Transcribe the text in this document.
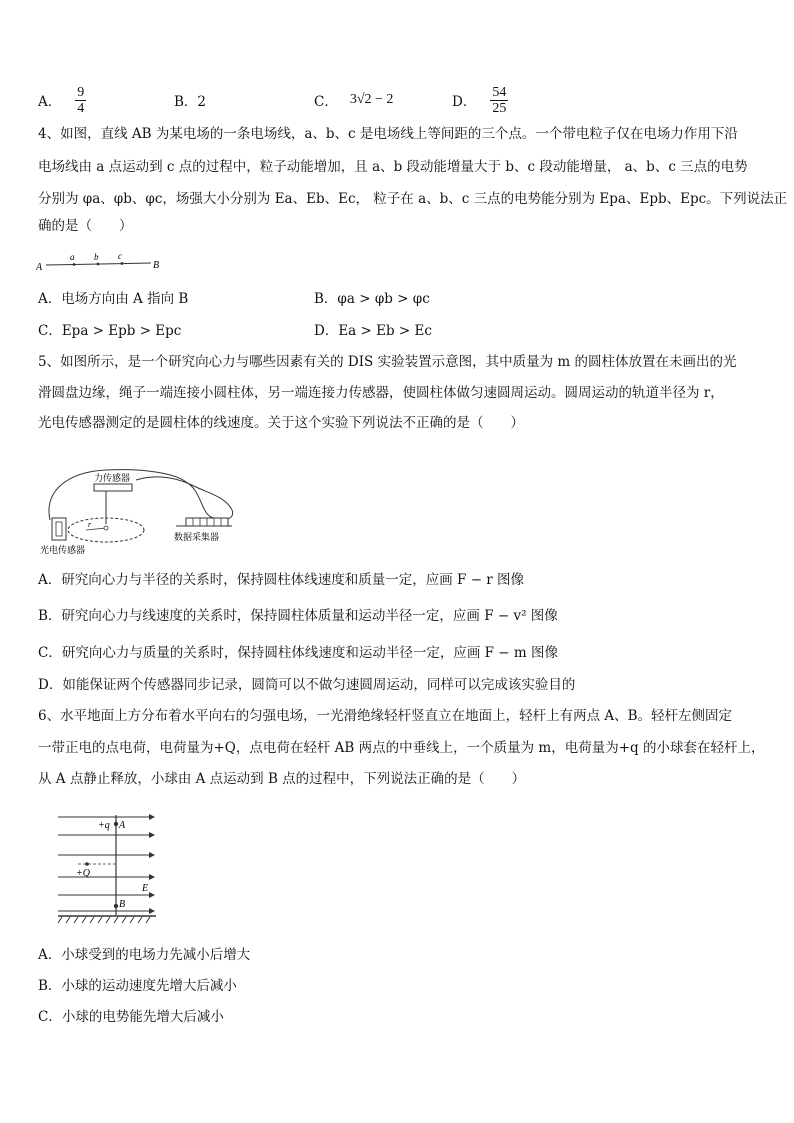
A． $\frac{9}{4}$	B．2	C． 3√2 − 2	D． $\frac{54}{25}$
4、如图，直线 AB 为某电场的一条电场线，a、b、c 是电场线上等间距的三个点。一个带电粒子仅在电场力作用下沿
电场线由 a 点运动到 c 点的过程中，粒子动能增加，且 a、b 段动能增量大于 b、c 段动能增量， a、b、c 三点的电势
分别为 φa、φb、φc，场强大小分别为 Ea、Eb、Ec， 粒子在 a、b、c 三点的电势能分别为 Epa、Epb、Epc。下列说法正
确的是（　　）
A
a b c
B
A．电场方向由 A 指向 B	B．φa > φb > φc
C．Epa > Epb > Epc	D．Ea > Eb > Ec
5、如图所示，是一个研究向心力与哪些因素有关的 DIS 实验装置示意图，其中质量为 m 的圆柱体放置在未画出的光
滑圆盘边缘，绳子一端连接小圆柱体，另一端连接力传感器，使圆柱体做匀速圆周运动。圆周运动的轨道半径为 r，
光电传感器测定的是圆柱体的线速度。关于这个实验下列说法不正确的是（　　）
力传感器
r
光电传感器
数据采集器
A．研究向心力与半径的关系时，保持圆柱体线速度和质量一定，应画 F − r 图像
B．研究向心力与线速度的关系时，保持圆柱体质量和运动半径一定，应画 F − v² 图像
C．研究向心力与质量的关系时，保持圆柱体线速度和运动半径一定，应画 F − m 图像
D．如能保证两个传感器同步记录，圆筒可以不做匀速圆周运动，同样可以完成该实验目的
6、水平地面上方分布着水平向右的匀强电场，一光滑绝缘轻杆竖直立在地面上，轻杆上有两点 A、B。轻杆左侧固定
一带正电的点电荷，电荷量为+Q，点电荷在轻杆 AB 两点的中垂线上，一个质量为 m，电荷量为+q 的小球套在轻杆上，
从 A 点静止释放，小球由 A 点运动到 B 点的过程中，下列说法正确的是（　　）
+q A
+Q
E
B
A．小球受到的电场力先减小后增大
B．小球的运动速度先增大后减小
C．小球的电势能先增大后减小
